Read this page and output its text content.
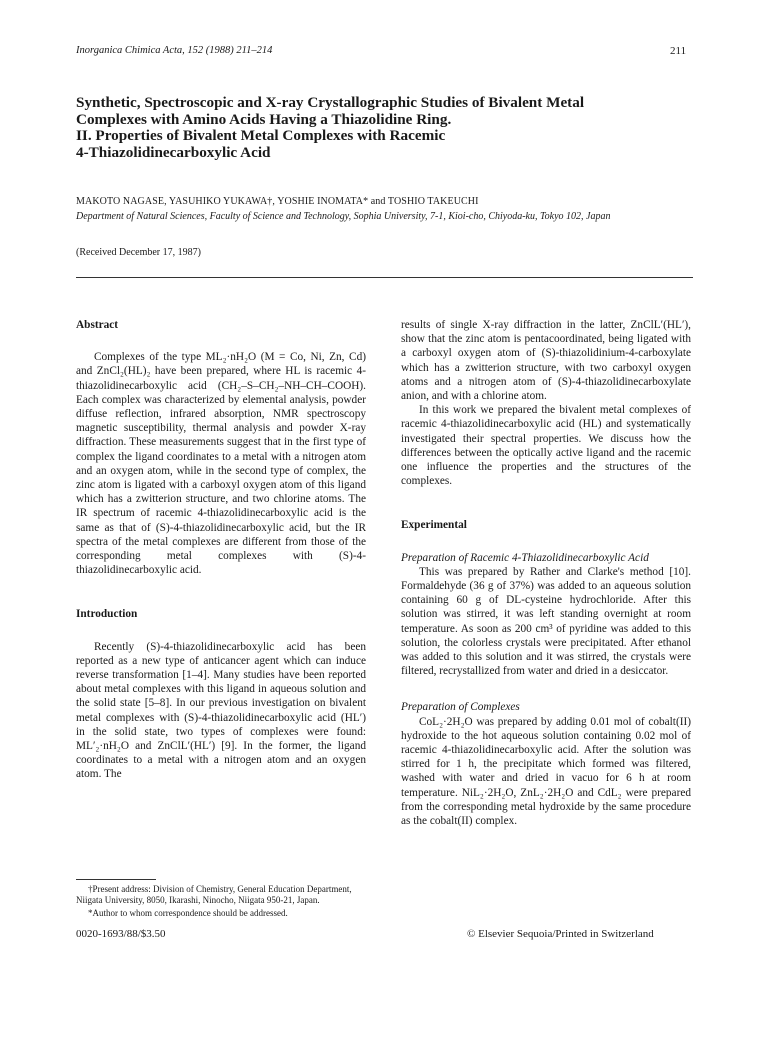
Inorganica Chimica Acta, 152 (1988) 211–214	211
Synthetic, Spectroscopic and X-ray Crystallographic Studies of Bivalent Metal
Complexes with Amino Acids Having a Thiazolidine Ring.
II. Properties of Bivalent Metal Complexes with Racemic
4-Thiazolidinecarboxylic Acid
MAKOTO NAGASE, YASUHIKO YUKAWA†, YOSHIE INOMATA* and TOSHIO TAKEUCHI
Department of Natural Sciences, Faculty of Science and Technology, Sophia University, 7-1, Kioi-cho, Chiyoda-ku, Tokyo 102, Japan
(Received December 17, 1987)
Abstract

Complexes of the type ML₂·nH₂O (M = Co, Ni, Zn, Cd) and ZnCl₂(HL)₂ have been prepared, where HL is racemic 4-thiazolidinecarboxylic acid (CH₂–S–CH₂–NH–CH–COOH). Each complex was characterized by elemental analysis, powder diffuse reflection, infrared absorption, NMR spectroscopy magnetic susceptibility, thermal analysis and powder X-ray diffraction. These measurements suggest that in the first type of complex the ligand coordinates to a metal with a nitrogen atom and an oxygen atom, while in the second type of complex, the zinc atom is ligated with a carboxyl oxygen atom of this ligand which has a zwitterion structure, and two chlorine atoms. The IR spectrum of racemic 4-thiazolidinecarboxylic acid is the same as that of (S)-4-thiazolidinecarboxylic acid, but the IR spectra of the metal complexes are different from those of the corresponding metal complexes with (S)-4-thiazolidinecarboxylic acid.

Introduction

Recently (S)-4-thiazolidinecarboxylic acid has been reported as a new type of anticancer agent which can induce reverse transformation [1–4]. Many studies have been reported about metal complexes with this ligand in aqueous solution and the solid state [5–8]. In our previous investigation on bivalent metal complexes with (S)-4-thiazolidinecarboxylic acid (HL′) in the solid state, two types of complexes were found: ML′₂·nH₂O and ZnClL′(HL′) [9]. In the former, the ligand coordinates to a metal with a nitrogen atom and an oxygen atom. The

results of single X-ray diffraction in the latter, ZnClL′(HL′), show that the zinc atom is pentacoordinated, being ligated with a carboxyl oxygen atom of (S)-thiazolidinium-4-carboxylate which has a zwitterion structure, with two carboxyl oxygen atoms and a nitrogen atom of (S)-4-thiazolidinecarboxylate anion, and with a chlorine atom.

In this work we prepared the bivalent metal complexes of racemic 4-thiazolidinecarboxylic acid (HL) and systematically investigated their spectral properties. We discuss how the differences between the optically active ligand and the racemic one influence the properties and the structures of the complexes.

Experimental
Preparation of Racemic 4-Thiazolidinecarboxylic Acid

This was prepared by Rather and Clarke's method [10]. Formaldehyde (36 g of 37%) was added to an aqueous solution containing 60 g of DL-cysteine hydrochloride. After this solution was stirred, it was left standing overnight at room temperature. As soon as 200 cm³ of pyridine was added to this solution, the colorless crystals were precipitated. After ethanol was added to this solution and it was stirred, the crystals were filtered, recrystallized from water and dried in a desiccator.

Preparation of Complexes

CoL₂·2H₂O was prepared by adding 0.01 mol of cobalt(II) hydroxide to the hot aqueous solution containing 0.02 mol of racemic 4-thiazolidinecarboxylic acid. After the solution was stirred for 1 h, the precipitate which formed was filtered, washed with water and dried in vacuo for 6 h at room temperature. NiL₂·2H₂O, ZnL₂·2H₂O and CdL₂ were prepared from the corresponding metal hydroxide by the same procedure as the cobalt(II) complex.

†Present address: Division of Chemistry, General Education Department, Niigata University, 8050, Ikarashi, Ninocho, Niigata 950-21, Japan.
*Author to whom correspondence should be addressed.
0020-1693/88/$3.50	© Elsevier Sequoia/Printed in Switzerland
